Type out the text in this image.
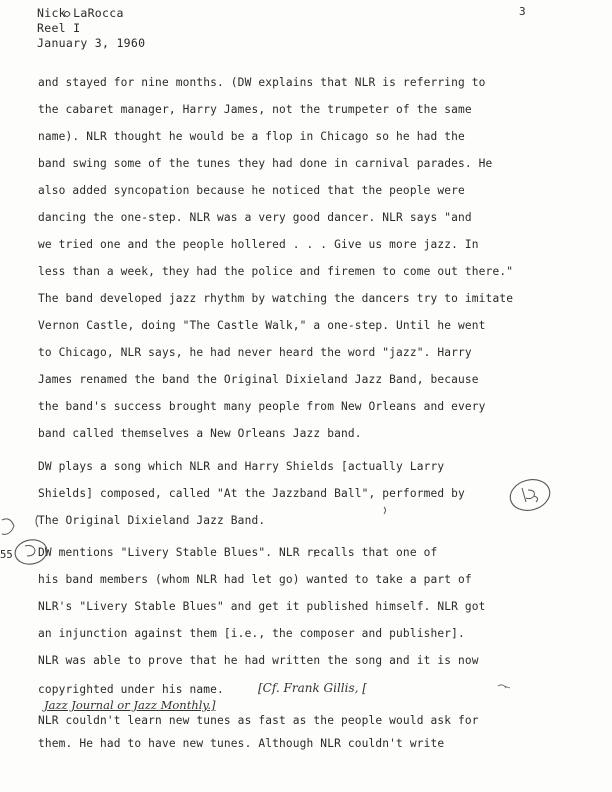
Nick LaRocca
Reel I
January 3, 1960
3
and stayed for nine months. (DW explains that NLR is referring to
the cabaret manager, Harry James, not the trumpeter of the same
name). NLR thought he would be a flop in Chicago so he had the
band swing some of the tunes they had done in carnival parades. He
also added syncopation because he noticed that the people were
dancing the one-step. NLR was a very good dancer. NLR says "and
we tried one and the people hollered . . . Give us more jazz. In
less than a week, they had the police and firemen to come out there."
The band developed jazz rhythm by watching the dancers try to imitate
Vernon Castle, doing "The Castle Walk," a one-step. Until he went
to Chicago, NLR says, he had never heard the word "jazz". Harry
James renamed the band the Original Dixieland Jazz Band, because
the band's success brought many people from New Orleans and every
band called themselves a New Orleans Jazz band.
DW plays a song which NLR and Harry Shields [actually Larry
Shields] composed, called "At the Jazzband Ball", performed by
The Original Dixieland Jazz Band.
DW mentions "Livery Stable Blues". NLR recalls that one of
his band members (whom NLR had let go) wanted to take a part of
NLR's "Livery Stable Blues" and get it published himself. NLR got
an injunction against them [i.e., the composer and publisher].
NLR was able to prove that he had written the song and it is now
copyrighted under his name.
NLR couldn't learn new tunes as fast as the people would ask for
them. He had to have new tunes. Although NLR couldn't write
55
[Cf. Frank Gillis, [
Jazz Journal or Jazz Monthly.]
